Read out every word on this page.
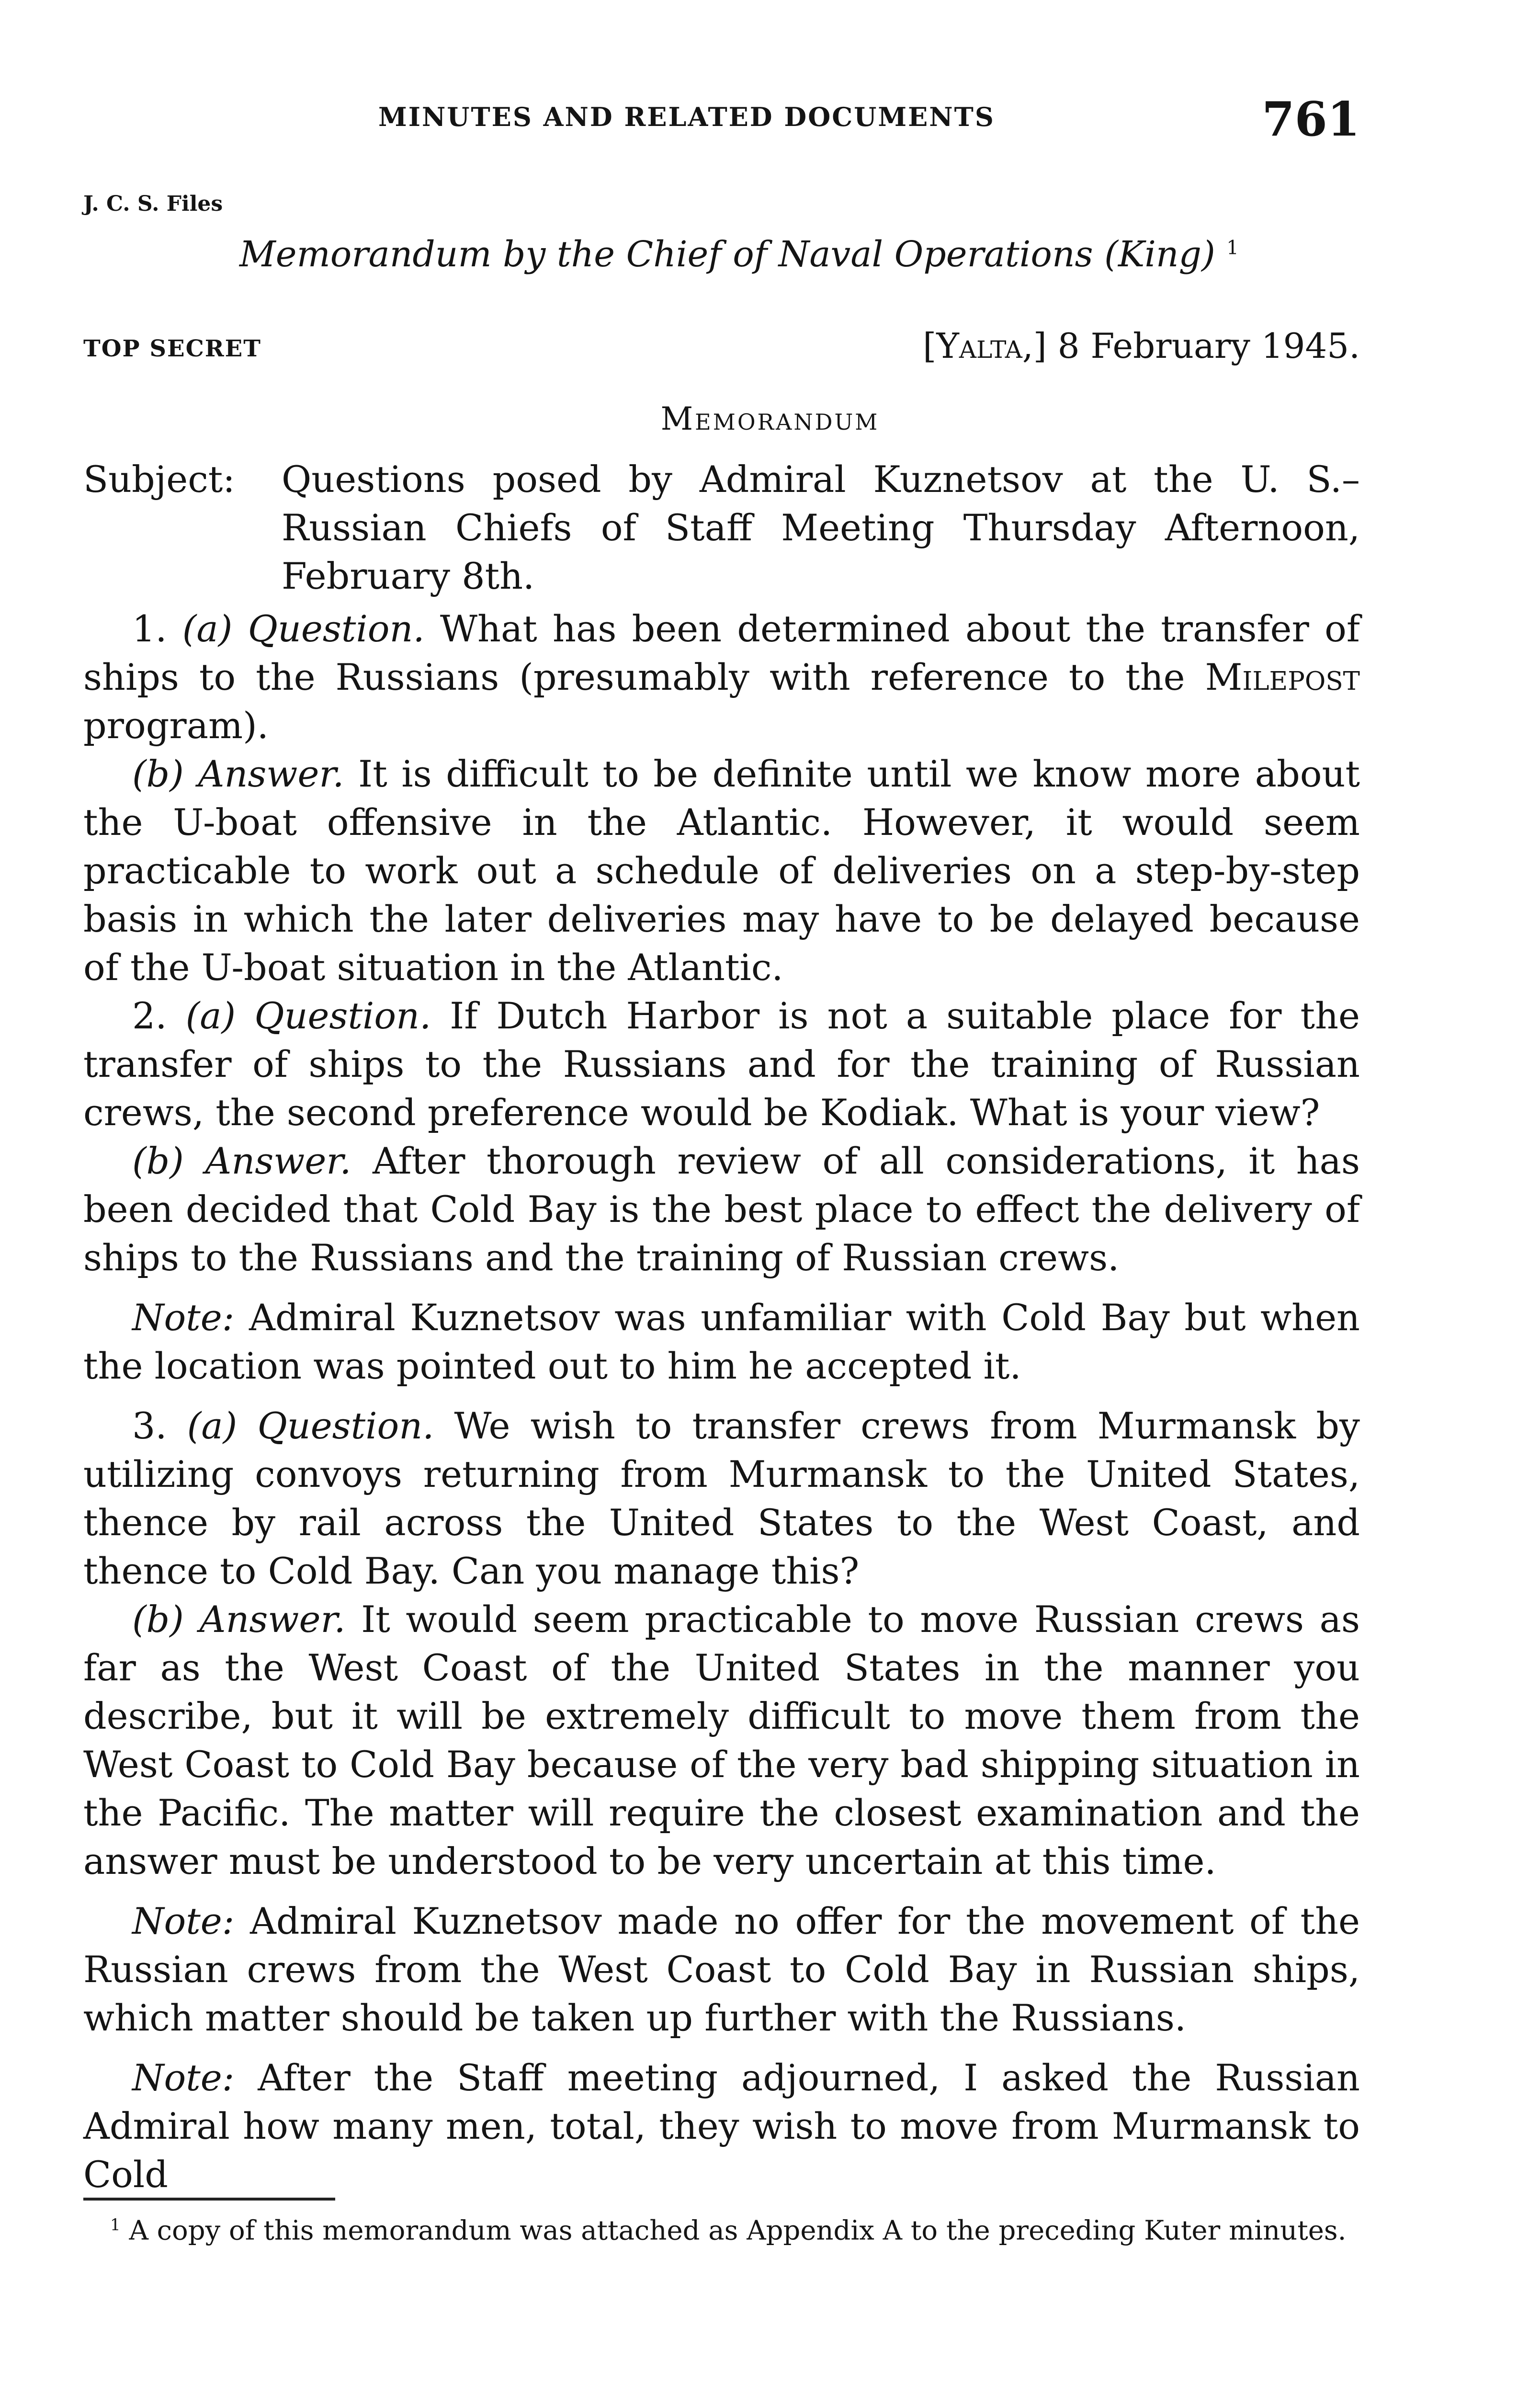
MINUTES AND RELATED DOCUMENTS	761
J. C. S. Files
Memorandum by the Chief of Naval Operations (King) $^1$
TOP SECRET	[Yalta,] 8 February 1945.
Memorandum
Subject: Questions posed by Admiral Kuznetsov at the U. S.–Russian Chiefs of Staff Meeting Thursday Afternoon, February 8th.

1. (a) Question. What has been determined about the transfer of ships to the Russians (presumably with reference to the Milepost program).

(b) Answer. It is difficult to be definite until we know more about the U-boat offensive in the Atlantic. However, it would seem practicable to work out a schedule of deliveries on a step-by-step basis in which the later deliveries may have to be delayed because of the U-boat situation in the Atlantic.

2. (a) Question. If Dutch Harbor is not a suitable place for the transfer of ships to the Russians and for the training of Russian crews, the second preference would be Kodiak. What is your view?

(b) Answer. After thorough review of all considerations, it has been decided that Cold Bay is the best place to effect the delivery of ships to the Russians and the training of Russian crews.

Note: Admiral Kuznetsov was unfamiliar with Cold Bay but when the location was pointed out to him he accepted it.

3. (a) Question. We wish to transfer crews from Murmansk by utilizing convoys returning from Murmansk to the United States, thence by rail across the United States to the West Coast, and thence to Cold Bay. Can you manage this?

(b) Answer. It would seem practicable to move Russian crews as far as the West Coast of the United States in the manner you describe, but it will be extremely difficult to move them from the West Coast to Cold Bay because of the very bad shipping situation in the Pacific. The matter will require the closest examination and the answer must be understood to be very uncertain at this time.

Note: Admiral Kuznetsov made no offer for the movement of the Russian crews from the West Coast to Cold Bay in Russian ships, which matter should be taken up further with the Russians.

Note: After the Staff meeting adjourned, I asked the Russian Admiral how many men, total, they wish to move from Murmansk to Cold

$^1$ A copy of this memorandum was attached as Appendix A to the preceding Kuter minutes.
